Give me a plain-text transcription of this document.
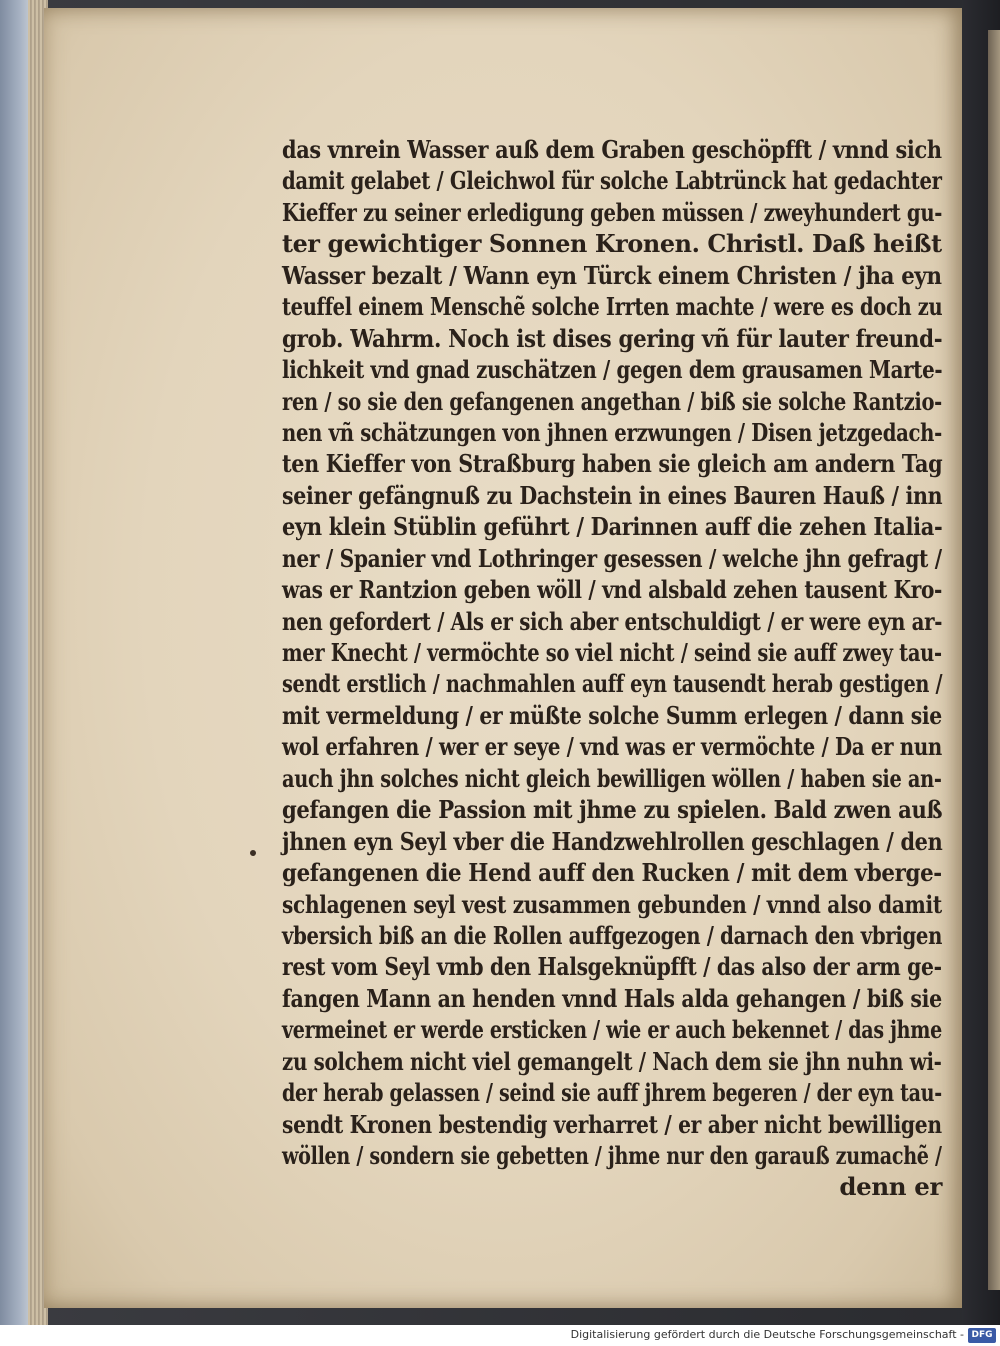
das vnrein Wasser auß dem Graben geschöpfft / vnnd sich
damit gelabet / Gleichwol für solche Labtrünck hat gedachter
Kieffer zu seiner erledigung geben müssen / zweyhundert gu-
ter gewichtiger Sonnen Kronen. Christl. Daß heißt
Wasser bezalt / Wann eyn Türck einem Christen / jha eyn
teuffel einem Menschẽ solche Irrten machte / were es doch zu
grob. Wahrm. Noch ist dises gering vñ für lauter freund-
lichkeit vnd gnad zuschätzen / gegen dem grausamen Marte-
ren / so sie den gefangenen angethan / biß sie solche Rantzio-
nen vñ schätzungen von jhnen erzwungen / Disen jetzgedach-
ten Kieffer von Straßburg haben sie gleich am andern Tag
seiner gefängnuß zu Dachstein in eines Bauren Hauß / inn
eyn klein Stüblin geführt / Darinnen auff die zehen Italia-
ner / Spanier vnd Lothringer gesessen / welche jhn gefragt /
was er Rantzion geben wöll / vnd alsbald zehen tausent Kro-
nen gefordert / Als er sich aber entschuldigt / er were eyn ar-
mer Knecht / vermöchte so viel nicht / seind sie auff zwey tau-
sendt erstlich / nachmahlen auff eyn tausendt herab gestigen /
mit vermeldung / er müßte solche Summ erlegen / dann sie
wol erfahren / wer er seye / vnd was er vermöchte / Da er nun
auch jhn solches nicht gleich bewilligen wöllen / haben sie an-
gefangen die Passion mit jhme zu spielen. Bald zwen auß
jhnen eyn Seyl vber die Handzwehlrollen geschlagen / den
gefangenen die Hend auff den Rucken / mit dem vberge-
schlagenen seyl vest zusammen gebunden / vnnd also damit
vbersich biß an die Rollen auffgezogen / darnach den vbrigen
rest vom Seyl vmb den Halsgeknüpfft / das also der arm ge-
fangen Mann an henden vnnd Hals alda gehangen / biß sie
vermeinet er werde ersticken / wie er auch bekennet / das jhme
zu solchem nicht viel gemangelt / Nach dem sie jhn nuhn wi-
der herab gelassen / seind sie auff jhrem begeren / der eyn tau-
sendt Kronen bestendig verharret / er aber nicht bewilligen
wöllen / sondern sie gebetten / jhme nur den garauß zumachẽ /
denn er
Digitalisierung gefördert durch die Deutsche Forschungsgemeinschaft - DFG
